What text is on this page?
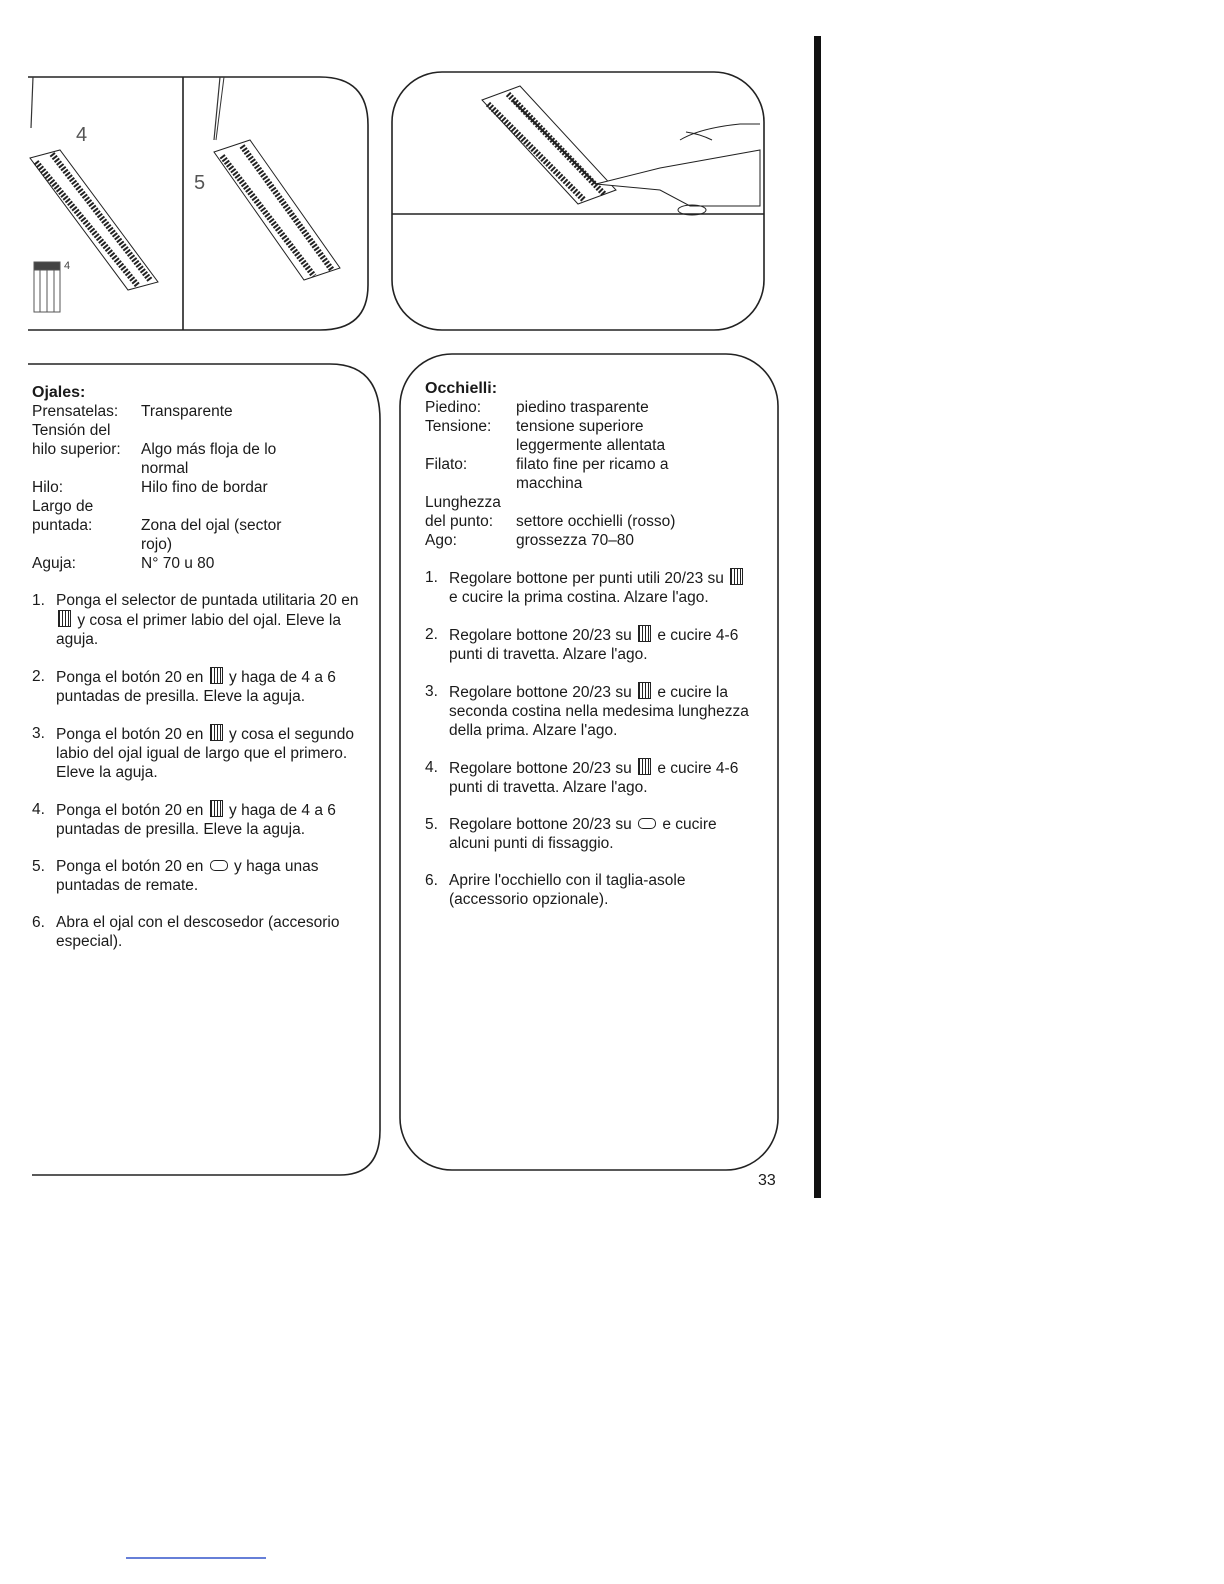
4
4
5
Ojales:
Prensatelas:	Transparente
Tensión del	
hilo superior:	Algo más floja de lo normal
Hilo:	Hilo fino de bordar
Largo de	
puntada:	Zona del ojal (sector rojo)
Aguja:	N° 70 u 80
1. Ponga el selector de puntada utilitaria 20 en  y cosa el primer labio del ojal. Eleve la aguja.
2. Ponga el botón 20 en y haga de 4 a 6 puntadas de presilla. Eleve la aguja.
3. Ponga el botón 20 en y cosa el segundo labio del ojal igual de largo que el primero. Eleve la aguja.
4. Ponga el botón 20 en y haga de 4 a 6 puntadas de presilla. Eleve la aguja.
5. Ponga el botón 20 en y haga unas puntadas de remate.
6. Abra el ojal con el descosedor (accesorio especial).
Occhielli:
Piedino:	piedino trasparente
Tensione:	tensione superiore leggermente allentata
Filato:	filato fine per ricamo a macchina
Lunghezza	
del punto:	settore occhielli (rosso)
Ago:	grossezza 70–80
1. Regolare bottone per punti utili 20/23 su  e cucire la prima costina. Alzare l'ago.
2. Regolare bottone 20/23 su e cucire 4-6 punti di travetta. Alzare l'ago.
3. Regolare bottone 20/23 su e cucire la seconda costina nella medesima lunghezza della prima. Alzare l'ago.
4. Regolare bottone 20/23 su e cucire 4-6 punti di travetta. Alzare l'ago.
5. Regolare bottone 20/23 su e cucire alcuni punti di fissaggio.
6. Aprire l'occhiello con il taglia-asole (accessorio opzionale).
33
